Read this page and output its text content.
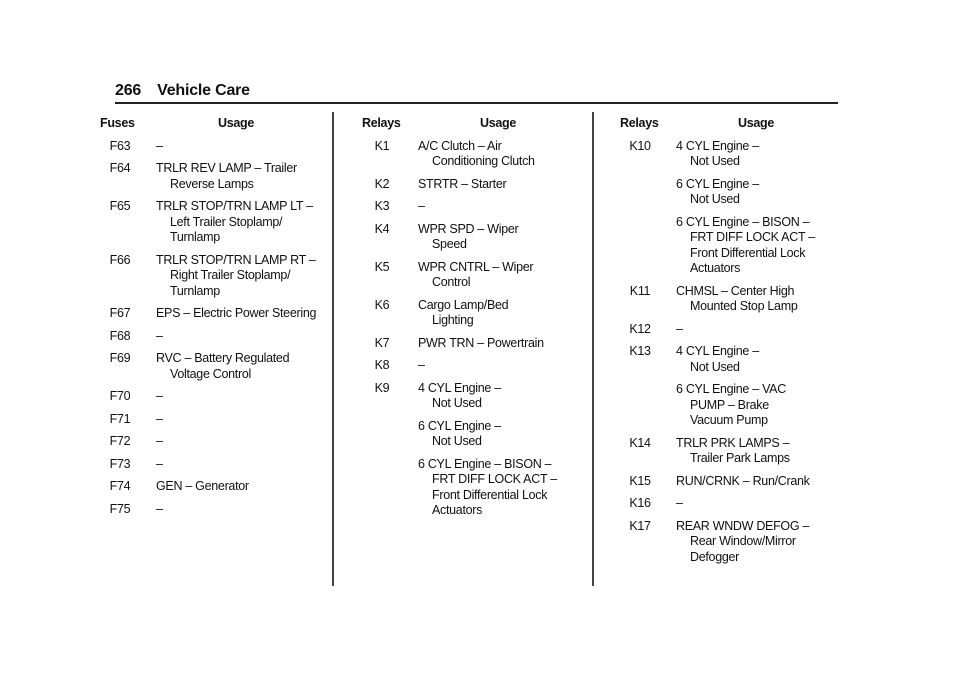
266 Vehicle Care
Fuses	Usage
F63	–
F64	TRLR REV LAMP – Trailer
Reverse Lamps
F65	TRLR STOP/TRN LAMP LT –
Left Trailer Stoplamp/
Turnlamp
F66	TRLR STOP/TRN LAMP RT –
Right Trailer Stoplamp/
Turnlamp
F67	EPS – Electric Power Steering
F68	–
F69	RVC – Battery Regulated
Voltage Control
F70	–
F71	–
F72	–
F73	–
F74	GEN – Generator
F75	–
Relays	Usage
K1	A/C Clutch – Air
Conditioning Clutch
K2	STRTR – Starter
K3	–
K4	WPR SPD – Wiper
Speed
K5	WPR CNTRL – Wiper
Control
K6	Cargo Lamp/Bed
Lighting
K7	PWR TRN – Powertrain
K8	–
K9	4 CYL Engine –
Not Used
6 CYL Engine –
Not Used
6 CYL Engine – BISON –
FRT DIFF LOCK ACT –
Front Differential Lock
Actuators
Relays	Usage
K10	4 CYL Engine –
Not Used
6 CYL Engine –
Not Used
6 CYL Engine – BISON –
FRT DIFF LOCK ACT –
Front Differential Lock
Actuators
K11	CHMSL – Center High
Mounted Stop Lamp
K12	–
K13	4 CYL Engine –
Not Used
6 CYL Engine – VAC
PUMP – Brake
Vacuum Pump
K14	TRLR PRK LAMPS –
Trailer Park Lamps
K15	RUN/CRNK – Run/Crank
K16	–
K17	REAR WNDW DEFOG –
Rear Window/Mirror
Defogger
